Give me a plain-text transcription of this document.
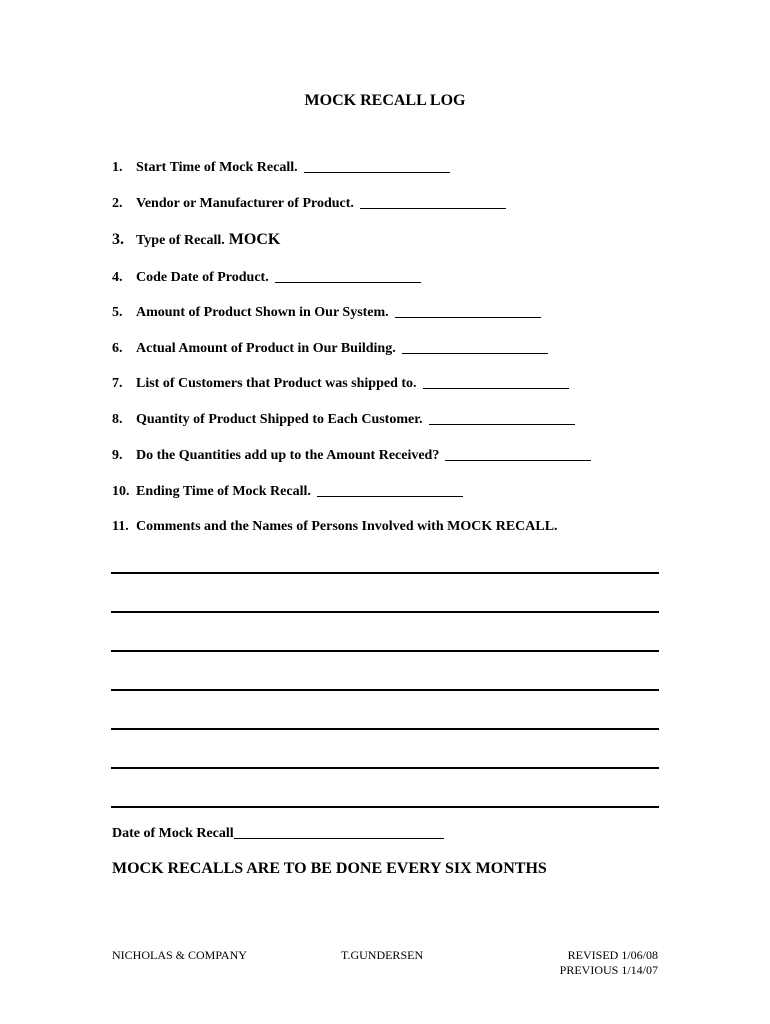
MOCK RECALL LOG
1. Start Time of Mock Recall.
2. Vendor or Manufacturer of Product.
3. Type of Recall. MOCK
4. Code Date of Product.
5. Amount of Product Shown in Our System.
6. Actual Amount of Product in Our Building.
7. List of Customers that Product was shipped to.
8. Quantity of Product Shipped to Each Customer.
9. Do the Quantities add up to the Amount Received?
10. Ending Time of Mock Recall.
11. Comments and the Names of Persons Involved with MOCK RECALL.
Date of Mock Recall
MOCK RECALLS ARE TO BE DONE EVERY SIX MONTHS
NICHOLAS & COMPANY	T.GUNDERSEN	REVISED 1/06/08
PREVIOUS 1/14/07
